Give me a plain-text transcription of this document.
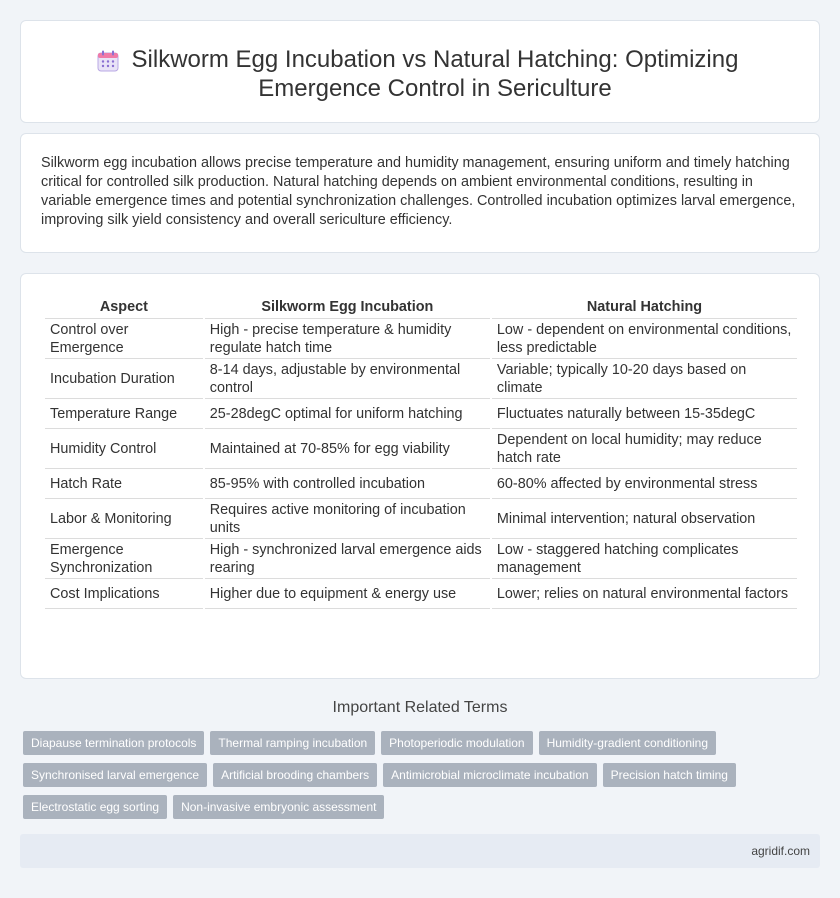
Silkworm Egg Incubation vs Natural Hatching: Optimizing Emergence Control in Sericulture

Silkworm egg incubation allows precise temperature and humidity management, ensuring uniform and timely hatching critical for controlled silk production. Natural hatching depends on ambient environmental conditions, resulting in variable emergence times and potential synchronization challenges. Controlled incubation optimizes larval emergence, improving silk yield consistency and overall sericulture efficiency.

Aspect	Silkworm Egg Incubation	Natural Hatching
Control over Emergence	High - precise temperature & humidity regulate hatch time	Low - dependent on environmental conditions, less predictable
Incubation Duration	8-14 days, adjustable by environmental control	Variable; typically 10-20 days based on climate
Temperature Range	25-28degC optimal for uniform hatching	Fluctuates naturally between 15-35degC
Humidity Control	Maintained at 70-85% for egg viability	Dependent on local humidity; may reduce hatch rate
Hatch Rate	85-95% with controlled incubation	60-80% affected by environmental stress
Labor & Monitoring	Requires active monitoring of incubation units	Minimal intervention; natural observation
Emergence Synchronization	High - synchronized larval emergence aids rearing	Low - staggered hatching complicates management
Cost Implications	Higher due to equipment & energy use	Lower; relies on natural environmental factors
Important Related Terms
Diapause termination protocols Thermal ramping incubation Photoperiodic modulation Humidity-gradient conditioning
Synchronised larval emergence Artificial brooding chambers Antimicrobial microclimate incubation Precision hatch timing
Electrostatic egg sorting Non-invasive embryonic assessment
agridif.com
